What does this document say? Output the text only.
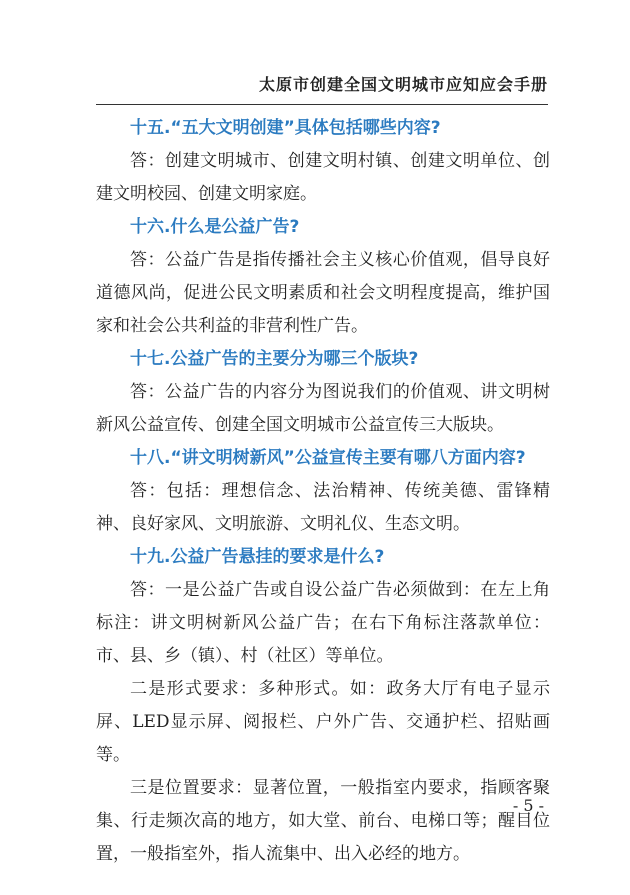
太原市创建全国文明城市应知应会手册
十五.“五大文明创建”具体包括哪些内容?
答：创建文明城市、创建文明村镇、创建文明单位、创建文明校园、创建文明家庭。
十六.什么是公益广告?
答：公益广告是指传播社会主义核心价值观，倡导良好道德风尚，促进公民文明素质和社会文明程度提高，维护国家和社会公共利益的非营利性广告。
十七.公益广告的主要分为哪三个版块?
答：公益广告的内容分为图说我们的价值观、讲文明树新风公益宣传、创建全国文明城市公益宣传三大版块。
十八.“讲文明树新风”公益宣传主要有哪八方面内容?
答：包括：理想信念、法治精神、传统美德、雷锋精神、良好家风、文明旅游、文明礼仪、生态文明。
十九.公益广告悬挂的要求是什么?
答：一是公益广告或自设公益广告必须做到：在左上角标注：讲文明树新风公益广告；在右下角标注落款单位：市、县、乡（镇）、村（社区）等单位。
二是形式要求：多种形式。如：政务大厅有电子显示屏、LED显示屏、阅报栏、户外广告、交通护栏、招贴画等。
三是位置要求：显著位置，一般指室内要求，指顾客聚集、行走频次高的地方，如大堂、前台、电梯口等；醒目位置，一般指室外，指人流集中、出入必经的地方。
- 5 -
